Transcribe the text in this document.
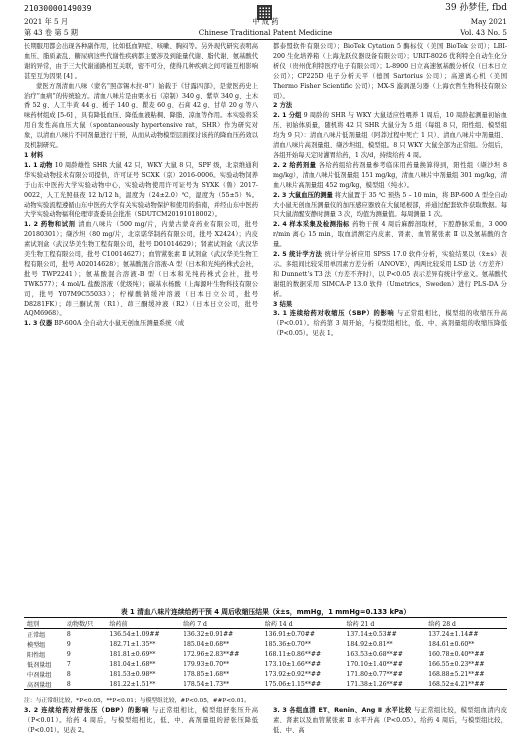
21030000149039	39 孙梦佳, fbd
2021 年 5 月	中 成 药	May 2021
第 43 卷 第 5 期	Chinese Traditional Patent Medicine	Vol. 43 No. 5

长期服用都会出现各种副作用，比如低血钾症、咳嗽、胸闷等。另外现代研究表明高血压、脂质紊乱、糖尿病这些代谢性疾病都主要涉及到能量代谢、脂代谢、氨基酸代谢的异常，由于三大代谢通路相互关联，密不可分，使得几种疾病之间可能互相影响甚至互为因果 [4] 。

蒙医方剂清血八味（蒙名“照彦锡木拉-8”）始载于《甘露四部》，是蒙医药史上治疗“血病”的传统验方。清血八味片是由栗水石（凉制）340 g、紫草 340 g、土木香 52 g、人工牛黄 44 g、栀子 140 g、瞿麦 60 g、石膏 42 g、甘草 20 g 等八味药材组成 [5-6] ，具有降低血压、降低血液粘稠、降脂、凉血等作用。本实验将采用自发性高血压大鼠（spontaneously hypertensive rat，SHR）作为研究对象，以清血八味片不同剂量进行干预，从而从动物模型层面探讨该药的降血压药效以及机制研究。

1 材料

1. 1 动物 10 周龄雄性 SHR 大鼠 42 只，WKY 大鼠 8 只，SPF 级，北京维通利华实验动物技术有限公司提供，许可证号 SCXK（京）2016-0006。实验动物饲养于山东中医药大学实验动物中心，实验动物使用许可证号为 SYXK（鲁）2017-0022，人工光照昼夜 12 h/12 h，温度为（24±2.0）℃，湿度为（55±5）%。动物实验流程遵循山东中医药大学有关实验动物保护和使用的指南，并经山东中医药大学实验动物福利伦理审查委员会批准（SDUTCM20191018002）。

1. 2 药物和试剂 清血八味片（500 mg/片，内蒙古蒙奇药业有限公司，批号 20180301）；缬沙坦（80 mg/片，北京诺华制药有限公司，批号 X2424）；内皮素试剂盒（武汉华美生物工程有限公司，批号 D01014629）；肾素试剂盒（武汉华美生物工程有限公司，批号 C10014627）；血管紧张素 Ⅱ 试剂盒（武汉华美生物工程有限公司，批号 A02014628）；氨基酸混合溶液-A 型（日本和光纯药株式会社，批号 TWP2241）；氨基酸混合溶液-B 型（日本和光纯药株式会社，批号 TWK577）；4 mol/L 盐酸溶液（优级纯）；碳基水杨酸（上海源叶生物科技有限公司，批号 Y07M9C55033）；柠檬酸钠缓冲溶液（日本日立公司，批号 D8281FK）；茚三酮试剂（R1）、茚三酮缓冲液（R2）（日本日立公司，批号 AQM6968）。

1. 3 仪器 BP-600A 全自动大小鼠无创血压测量系统（成

都泰盟软件有限公司）；BioTek Cytation 5 酶标仪（美国 BioTek 公司）；LBI-200 生化培养箱（上海龙跃仪器设备有限公司）；URIT-8026 优利特全自动生化分析仪（贵州优利特医疗电子有限公司）；L-8900 日立高速氨基酸分析仪（日本日立公司）；CP225D 电子分析天平（德国 Sartorius 公司）；高速离心机（美国 Thermo Fisher Scientific 公司）；MX-S 漩涡混匀器（上海衣哲生物科技有限公司）。

2 方法

2. 1 分组 9 周龄的 SHR 与 WKY 大鼠适应性喂养 1 周后，10 周龄起测量初始血压、初始体质量，随机将 42 只 SHR 大鼠分为 5 组（每组 8 只，阳性组、模型组均为 9 只）：清血八味片低剂量组（阿莽过程中死亡 1 只）、清血八味片中剂量组、清血八味片高剂量组、缬沙坦组、模型组。8 只 WKY 大鼠全部为正常组。分组后，各组开始每天定时灌胃给药，1 次/d，持续给药 4 周。

2. 2 给药剂量 各给药组给药剂量参考临床用药量换算得到，阳性组（缬沙坦 8 mg/kg），清血八味片低剂量组 151 mg/kg，清血八味片中剂量组 301 mg/kg，清血八味片高剂量组 452 mg/kg，模型组（纯水）。

2. 3 大鼠血压的测量 将大鼠置于 35 ℃ 预热 5 – 10 min，将 BP-600 A 型全自动大小鼠无创血压测量仪的加压感应器放在大鼠尾根部，并通过配套软件获取数据。每只大鼠清醒安静时测量 3 次，均值为测量值。每周测量 1 次。

2. 4 样本采集及检测指标 药物干预 4 周后麻醉剖取材，下腔静脉采血，3 000 r/min 离心 15 min，取血清测定内皮素、肾素、血管紧张素 Ⅱ 以及氨基酸的含量。

2. 5 统计学方法 统计学分析应用 SPSS 17.0 软件分析，实验结果以（x̄±s）表示。多组间比较采用单因素方差分析（ANOVE），两两比较采用 LSD 法（方差齐）和 Dunnett’s T3 法（方差不齐时），以 P<0.05 表示差异有统计学意义。氨基酸代谢组的数据采用 SIMCA-P 13.0 软件（Umetrics，Sweden）进行 PLS-DA 分析。

3 结果

3. 1 连续给药对收缩压（SBP）的影响 与正常组相比，模型组的收缩压升高（P<0.01）。给药第 3 周开始，与模型组相比，低、中、高剂量组的收缩压降低（P<0.05）。见表 1。

表 1 清血八味片连续给药干预 4 周后收缩压结果（x̄±s，mmHg，1 mmHg=0.133 kPa）
组别	动物数/只	给药前	给药 7 d	给药 14 d	给药 21 d	给药 28 d
正常组	8	136.54±1.09##	136.32±0.91##	136.91±0.70##	137.14±0.53##	137.24±1.14##
模型组	9	182.71±1.35**	185.04±0.68**	185.36±0.70**	184.92±0.81**	184.61±0.60**
阳性组	9	181.81±0.69**	172.96±2.83**##	168.11±0.86**##	163.53±0.68**##	160.78±0.40**##
低剂量组	7	181.04±1.68**	179.93±0.70**	173.10±1.66**##	170.10±1.40**##	166.55±0.23**##
中剂量组	8	181.53±0.98**	178.85±1.68**	173.92±0.92**##	171.80±0.77**##	168.88±5.21**##
高剂量组	8	181.22±1.51**	178.54±1.73**	175.06±1.15**##	171.38±1.26**##	168.52±4.21**##
注：与正常组比较，*P<0.05，**P<0.01；与模型组比较，#P<0.05，##P<0.01。

3. 2 连续给药对舒张压（DBP）的影响 与正常组相比，模型组舒张压升高（P<0.01）。给药 4 周后，与模型组相比，低、中、高剂量组的舒张压降低（P<0.01）。见表 2。

3. 3 各组血清 ET、Renin、Ang Ⅱ 水平比较 与正常组比较，模型组血清内皮素、肾素以及血管紧张素 Ⅱ 水平升高（P<0.05）。给药 4 周后，与模型组比较，低、中、高
